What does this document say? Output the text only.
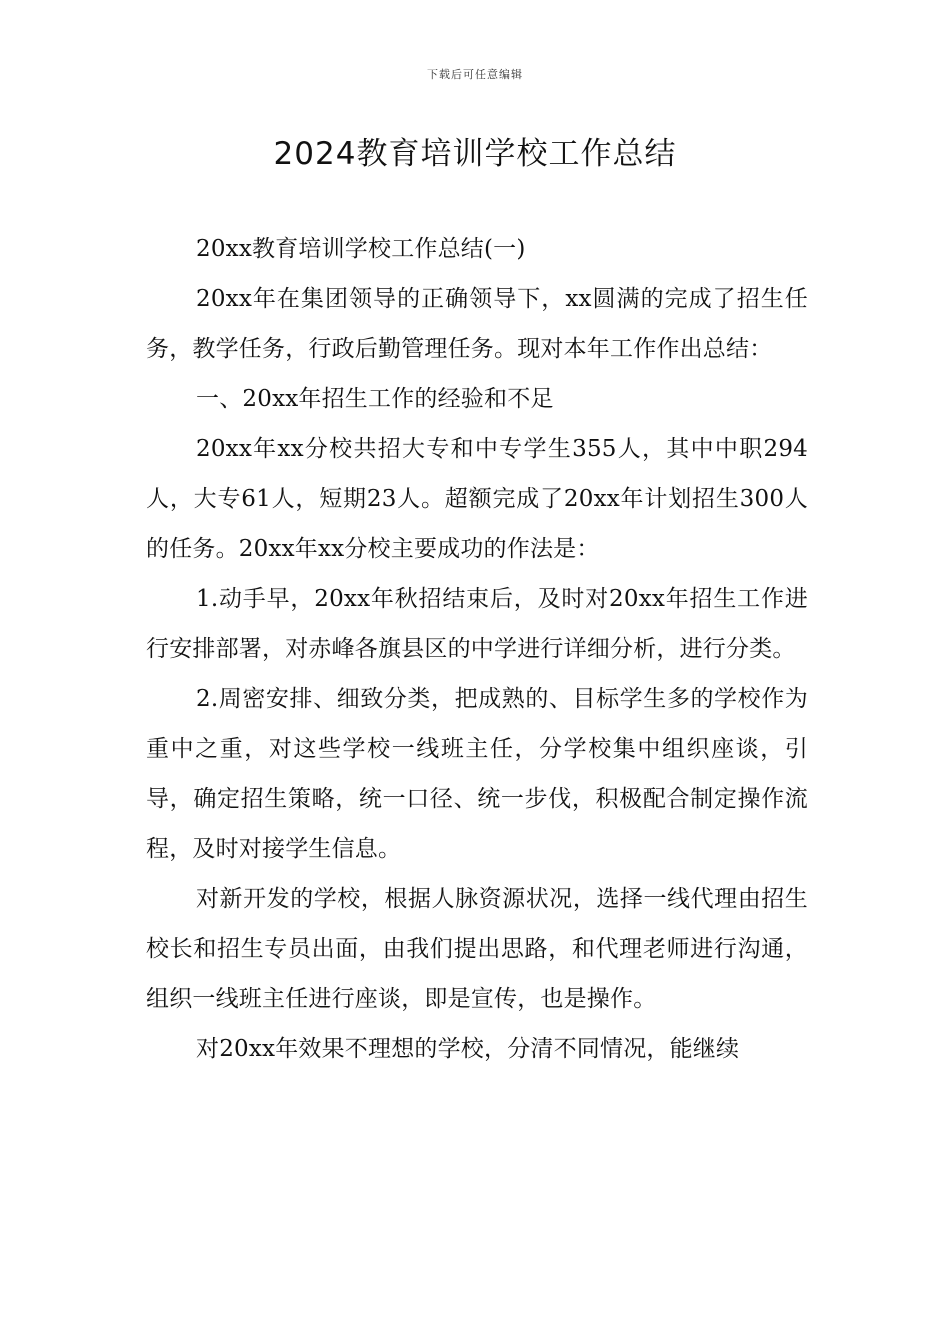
下载后可任意编辑
2024教育培训学校工作总结

20xx教育培训学校工作总结(一)

20xx年在集团领导的正确领导下，xx圆满的完成了招生任务，教学任务，行政后勤管理任务。现对本年工作作出总结：

一、20xx年招生工作的经验和不足

20xx年xx分校共招大专和中专学生355人，其中中职294人，大专61人，短期23人。超额完成了20xx年计划招生300人的任务。20xx年xx分校主要成功的作法是：

1.动手早，20xx年秋招结束后，及时对20xx年招生工作进行安排部署，对赤峰各旗县区的中学进行详细分析，进行分类。

2.周密安排、细致分类，把成熟的、目标学生多的学校作为重中之重，对这些学校一线班主任，分学校集中组织座谈，引导，确定招生策略，统一口径、统一步伐，积极配合制定操作流程，及时对接学生信息。

对新开发的学校，根据人脉资源状况，选择一线代理由招生校长和招生专员出面，由我们提出思路，和代理老师进行沟通，组织一线班主任进行座谈，即是宣传，也是操作。

对20xx年效果不理想的学校，分清不同情况，能继续
